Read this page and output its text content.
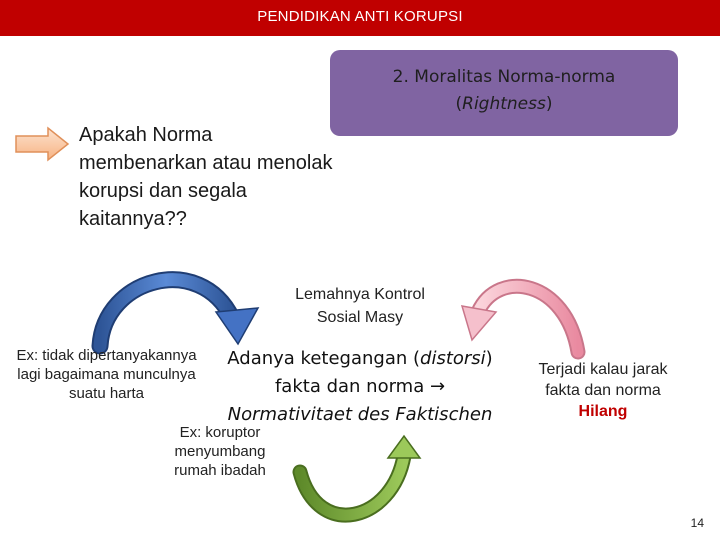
PENDIDIKAN ANTI KORUPSI
2. Moralitas Norma-norma
(Rightness)
Apakah Norma membenarkan atau menolak korupsi dan segala kaitannya??
Lemahnya Kontrol
Sosial Masy
Ex: tidak dipertanyakannya lagi bagaimana munculnya suatu harta
Adanya ketegangan (distorsi)
fakta dan norma →
Normativitaet des Faktischen
Ex: koruptor menyumbang rumah ibadah
Terjadi kalau jarak fakta dan norma
Hilang
14
